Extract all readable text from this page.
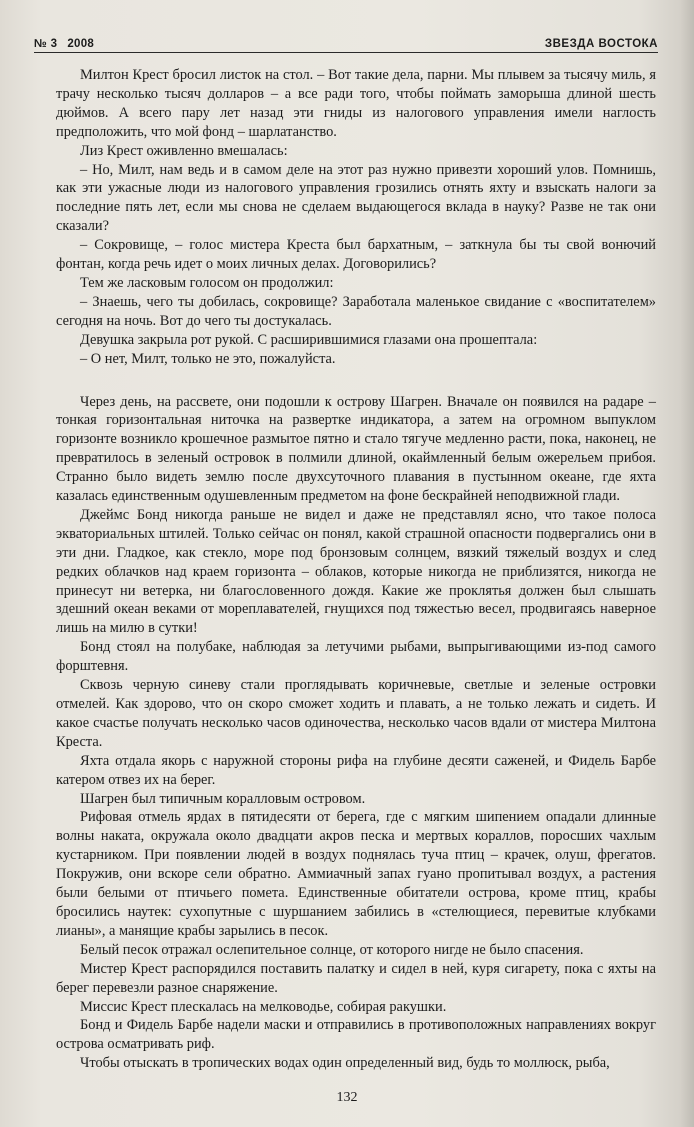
№ 3 2008	ЗВЕЗДА ВОСТОКА

Милтон Крест бросил листок на стол. – Вот такие дела, парни. Мы плывем за тысячу миль, я трачу несколько тысяч долларов – а все ради того, чтобы поймать заморыша длиной шесть дюймов. А всего пару лет назад эти гниды из налогового управления имели наглость предположить, что мой фонд – шарлатанство.

Лиз Крест оживленно вмешалась:

– Но, Милт, нам ведь и в самом деле на этот раз нужно привезти хороший улов. Помнишь, как эти ужасные люди из налогового управления грозились отнять яхту и взыскать налоги за последние пять лет, если мы снова не сделаем выдающегося вклада в науку? Разве не так они сказали?

– Сокровище, – голос мистера Креста был бархатным, – заткнула бы ты свой вонючий фонтан, когда речь идет о моих личных делах. Договорились?

Тем же ласковым голосом он продолжил:

– Знаешь, чего ты добилась, сокровище? Заработала маленькое свидание с «воспитателем» сегодня на ночь. Вот до чего ты достукалась.

Девушка закрыла рот рукой. С расширившимися глазами она прошептала:

– О нет, Милт, только не это, пожалуйста.

Через день, на рассвете, они подошли к острову Шагрен. Вначале он появился на радаре – тонкая горизонтальная ниточка на развертке индикатора, а затем на огромном выпуклом горизонте возникло крошечное размытое пятно и стало тягуче медленно расти, пока, наконец, не превратилось в зеленый островок в полмили длиной, окаймленный белым ожерельем прибоя. Странно было видеть землю после двухсуточного плавания в пустынном океане, где яхта казалась единственным одушевленным предметом на фоне бескрайней неподвижной глади.

Джеймс Бонд никогда раньше не видел и даже не представлял ясно, что такое полоса экваториальных штилей. Только сейчас он понял, какой страшной опасности подвергались они в эти дни. Гладкое, как стекло, море под бронзовым солнцем, вязкий тяжелый воздух и след редких облачков над краем горизонта – облаков, которые никогда не приблизятся, никогда не принесут ни ветерка, ни благословенного дождя. Какие же проклятья должен был слышать здешний океан веками от мореплавателей, гнущихся под тяжестью весел, продвигаясь наверное лишь на милю в сутки!

Бонд стоял на полубаке, наблюдая за летучими рыбами, выпрыгивающими из-под самого форштевня.

Сквозь черную синеву стали проглядывать коричневые, светлые и зеленые островки отмелей. Как здорово, что он скоро сможет ходить и плавать, а не только лежать и сидеть. И какое счастье получать несколько часов одиночества, несколько часов вдали от мистера Милтона Креста.

Яхта отдала якорь с наружной стороны рифа на глубине десяти саженей, и Фидель Барбе катером отвез их на берег.

Шагрен был типичным коралловым островом.

Рифовая отмель ярдах в пятидесяти от берега, где с мягким шипением опадали длинные волны наката, окружала около двадцати акров песка и мертвых кораллов, поросших чахлым кустарником. При появлении людей в воздух поднялась туча птиц – крачек, олуш, фрегатов. Покружив, они вскоре сели обратно. Аммиачный запах гуано пропитывал воздух, а растения были белыми от птичьего помета. Единственные обитатели острова, кроме птиц, крабы бросились наутек: сухопутные с шуршанием забились в «стелющиеся, перевитые клубками лианы», а манящие крабы зарылись в песок.

Белый песок отражал ослепительное солнце, от которого нигде не было спасения.

Мистер Крест распорядился поставить палатку и сидел в ней, куря сигарету, пока с яхты на берег перевезли разное снаряжение.

Миссис Крест плескалась на мелководье, собирая ракушки.

Бонд и Фидель Барбе надели маски и отправились в противоположных направлениях вокруг острова осматривать риф.

Чтобы отыскать в тропических водах один определенный вид, будь то моллюск, рыба,

132
